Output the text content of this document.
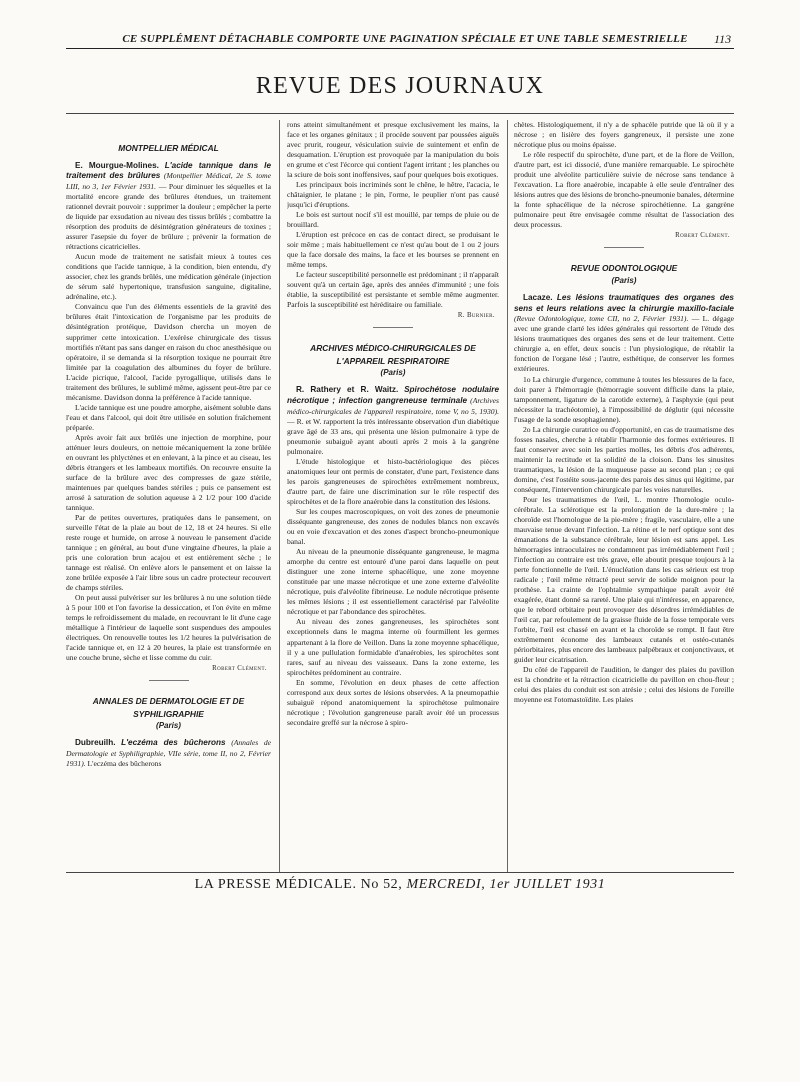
CE SUPPLÉMENT DÉTACHABLE COMPORTE UNE PAGINATION SPÉCIALE ET UNE TABLE SEMESTRIELLE	113
REVUE DES JOURNAUX
MONTPELLIER MÉDICAL

E. Mourgue-Molines. L'acide tannique dans le traitement des brûlures (Montpellier Médical, 2e S. tome LIII, no 3, 1er Février 1931. — Pour diminuer les séquelles et la mortalité encore grande des brûlures étendues, un traitement rationnel devrait pouvoir : supprimer la douleur ; empêcher la perte de liquide par exsudation au niveau des tissus brûlés ; combattre la résorption des produits de désintégration générateurs de toxines ; assurer l'asepsie du foyer de brûlure ; prévenir la formation de rétractions cicatricielles.

Aucun mode de traitement ne satisfait mieux à toutes ces conditions que l'acide tannique, à la condition, bien entendu, d'y associer, chez les grands brûlés, une médication générale (injection de sérum salé hypertonique, transfusion sanguine, digitaline, adrénaline, etc.).

Convaincu que l'un des éléments essentiels de la gravité des brûlures était l'intoxication de l'organisme par les produits de désintégration protéique, Davidson chercha un moyen de supprimer cette intoxication. L'exérèse chirurgicale des tissus mortifiés n'étant pas sans danger en raison du choc anesthésique ou opératoire, il se demanda si la résorption toxique ne pourrait être limitée par la coagulation des albumines du foyer de brûlure. L'acide picrique, l'alcool, l'acide pyrogallique, utilisés dans le traitement des brûlures, le sublimé même, agissent peut-être par ce mécanisme. Davidson donna la préférence à l'acide tannique.

L'acide tannique est une poudre amorphe, aisément soluble dans l'eau et dans l'alcool, qui doit être utilisée en solution fraîchement préparée.

Après avoir fait aux brûlés une injection de morphine, pour atténuer leurs douleurs, on nettoie mécaniquement la zone brûlée en ouvrant les phlyctènes et en enlevant, à la pince et au ciseau, les débris étrangers et les lambeaux mortifiés. On recouvre ensuite la surface de la brûlure avec des compresses de gaze stérile, maintenues par quelques bandes stériles ; puis ce pansement est arrosé à saturation de solution aqueuse à 2 1/2 pour 100 d'acide tannique.

Par de petites ouvertures, pratiquées dans le pansement, on surveille l'état de la plaie au bout de 12, 18 et 24 heures. Si elle reste rouge et humide, on arrose à nouveau le pansement d'acide tannique ; en général, au bout d'une vingtaine d'heures, la plaie a pris une coloration brun acajou et est entièrement sèche ; le tannage est réalisé. On enlève alors le pansement et on laisse la zone brûlée exposée à l'air libre sous un cadre protecteur recouvert de champs stériles.

On peut aussi pulvériser sur les brûlures à nu une solution tiède à 5 pour 100 et l'on favorise la dessiccation, et l'on évite en même temps le refroidissement du malade, en recouvrant le lit d'une cage métallique à l'intérieur de laquelle sont suspendues des ampoules électriques. On renouvelle toutes les 1/2 heures la pulvérisation de l'acide tannique et, en 12 à 20 heures, la plaie est transformée en une couche brune, sèche et lisse comme du cuir.

Robert Clément.
ANNALES DE DERMATOLOGIE ET DE SYPHILIGRAPHIE
(Paris)

Dubreuilh. L'eczéma des bûcherons (Annales de Dermatologie et Syphiligraphie, VIIe série, tome II, no 2, Février 1931). L'eczéma des bûcherons

rons atteint simultanément et presque exclusivement les mains, la face et les organes génitaux ; il procède souvent par poussées aiguës avec prurit, rougeur, vésiculation suivie de suintement et enfin de desquamation. L'éruption est provoquée par la manipulation du bois en grume et c'est l'écorce qui contient l'agent irritant ; les planches ou la sciure de bois sont inoffensives, sauf pour quelques bois exotiques.

Les principaux bois incriminés sont le chêne, le hêtre, l'acacia, le châtaignier, le platane ; le pin, l'orme, le peuplier n'ont pas causé jusqu'ici d'éruptions.

Le bois est surtout nocif s'il est mouillé, par temps de pluie ou de brouillard.

L'éruption est précoce en cas de contact direct, se produisant le soir même ; mais habituellement ce n'est qu'au bout de 1 ou 2 jours que la face dorsale des mains, la face et les bourses se prennent en même temps.

Le facteur susceptibilité personnelle est prédominant ; il n'apparaît souvent qu'à un certain âge, après des années d'immunité ; une fois établie, la susceptibilité est persistante et semble même augmenter. Parfois la susceptibilité est héréditaire ou familiale.

R. Burnier.
ARCHIVES MÉDICO-CHIRURGICALES DE L'APPAREIL RESPIRATOIRE
(Paris)

R. Rathery et R. Waitz. Spirochétose nodulaire nécrotique ; infection gangreneuse terminale (Archives médico-chirurgicales de l'appareil respiratoire, tome V, no 5, 1930). — R. et W. rapportent la très intéressante observation d'un diabétique grave âgé de 33 ans, qui présenta une lésion pulmonaire à type de pneumonie subaiguë ayant abouti après 2 mois à la gangrène pulmonaire.

L'étude histologique et histo-bactériologique des pièces anatomiques leur ont permis de constater, d'une part, l'existence dans les parois gangreneuses de spirochètes extrêmement nombreux, d'autre part, de faire une discrimination sur le rôle respectif des spirochètes et de la flore anaérobie dans la constitution des lésions.

Sur les coupes macroscopiques, on voit des zones de pneumonie disséquante gangreneuse, des zones de nodules blancs non excavés ou en voie d'excavation et des zones d'aspect broncho-pneumonique banal.

Au niveau de la pneumonie disséquante gangreneuse, le magma amorphe du centre est entouré d'une paroi dans laquelle on peut distinguer une zone interne sphacélique, une zone moyenne constituée par une masse nécrotique et une zone externe d'alvéolite nécrotique, puis d'alvéolite fibrineuse. Le nodule nécrotique présente les mêmes lésions ; il est essentiellement caractérisé par l'alvéolite nécrotique et par l'abondance des spirochètes.

Au niveau des zones gangreneuses, les spirochètes sont exceptionnels dans le magma interne où fourmillent les germes appartenant à la flore de Veillon. Dans la zone moyenne sphacélique, il y a une pullulation formidable d'anaérobies, les spirochètes sont rares, sauf au niveau des vaisseaux. Dans la zone externe, les spirochètes prédominent au contraire.

En somme, l'évolution en deux phases de cette affection correspond aux deux sortes de lésions observées. A la pneumopathie subaiguë répond anatomiquement la spirochétose pulmonaire nécrotique ; l'évolution gangreneuse paraît avoir été un processus secondaire greffé sur la nécrose à spiro-

chètes. Histologiquement, il n'y a de sphacèle putride que là où il y a nécrose ; en lisière des foyers gangreneux, il persiste une zone nécrotique plus ou moins épaisse.

Le rôle respectif du spirochète, d'une part, et de la flore de Veillon, d'autre part, est ici dissocié, d'une manière remarquable. Le spirochète produit une alvéolite particulière suivie de nécrose sans tendance à l'excavation. La flore anaérobie, incapable à elle seule d'entraîner des lésions autres que des lésions de broncho-pneumonie banales, détermine la fonte sphacélique de la nécrose spirochétienne. La gangrène pulmonaire peut être envisagée comme résultat de l'association des deux processus.

Robert Clément.
REVUE ODONTOLOGIQUE
(Paris)

Lacaze. Les lésions traumatiques des organes des sens et leurs relations avec la chirurgie maxillo-faciale (Revue Odontologique, tome CII, no 2, Février 1931). — L. dégage avec une grande clarté les idées générales qui ressortent de l'étude des lésions traumatiques des organes des sens et de leur traitement. Cette chirurgie a, en effet, deux soucis : l'un physiologique, de rétablir la fonction de l'organe lésé ; l'autre, esthétique, de conserver les formes extérieures.

1o La chirurgie d'urgence, commune à toutes les blessures de la face, doit parer à l'hémorragie (hémorragie souvent difficile dans la plaie, tamponnement, ligature de la carotide externe), à l'asphyxie (qui peut nécessiter la trachéotomie), à l'impossibilité de déglutir (qui nécessite l'usage de la sonde œsophagienne).

2o La chirurgie curatrice ou d'opportunité, en cas de traumatisme des fosses nasales, cherche à rétablir l'harmonie des formes extérieures. Il faut conserver avec soin les parties molles, les débris d'os adhérents, maintenir la rectitude et la solidité de la cloison. Dans les sinusites traumatiques, la lésion de la muqueuse passe au second plan ; ce qui domine, c'est l'ostéite sous-jacente des parois des sinus qui légitime, par conséquent, l'intervention chirurgicale par les voies naturelles.

Pour les traumatismes de l'œil, L. montre l'homologie oculo-cérébrale. La sclérotique est la prolongation de la dure-mère ; la choroïde est l'homologue de la pie-mère ; fragile, vasculaire, elle a une mauvaise tenue devant l'infection. La rétine et le nerf optique sont des émanations de la substance cérébrale, leur lésion est sans appel. Les hémorragies intraoculaires ne condamnent pas irrémédiablement l'œil ; l'infection au contraire est très grave, elle aboutit presque toujours à la perte fonctionnelle de l'œil. L'énucléation dans les cas sérieux est trop radicale ; l'œil même rétracté peut servir de solide moignon pour la prothèse. La crainte de l'ophtalmie sympathique paraît avoir été exagérée, étant donné sa rareté. Une plaie qui n'intéresse, en apparence, que le rebord orbitaire peut provoquer des désordres irrémédiables de l'œil car, par refoulement de la graisse fluide de la fosse temporale vers l'orbite, l'œil est chassé en avant et la choroïde se rompt. Il faut être extrêmement économe des lambeaux cutanés et ostéo-cutanés périorbitaires, plus encore des lambeaux palpébraux et conjonctivaux, et guider leur cicatrisation.

Du côté de l'appareil de l'audition, le danger des plaies du pavillon est la chondrite et la rétraction cicatricielle du pavillon en chou-fleur ; celui des plaies du conduit est son atrésie ; celui des lésions de l'oreille moyenne est l'otomastoïdite. Les plaies

LA PRESSE MÉDICALE. No 52, MERCREDI, 1er JUILLET 1931
